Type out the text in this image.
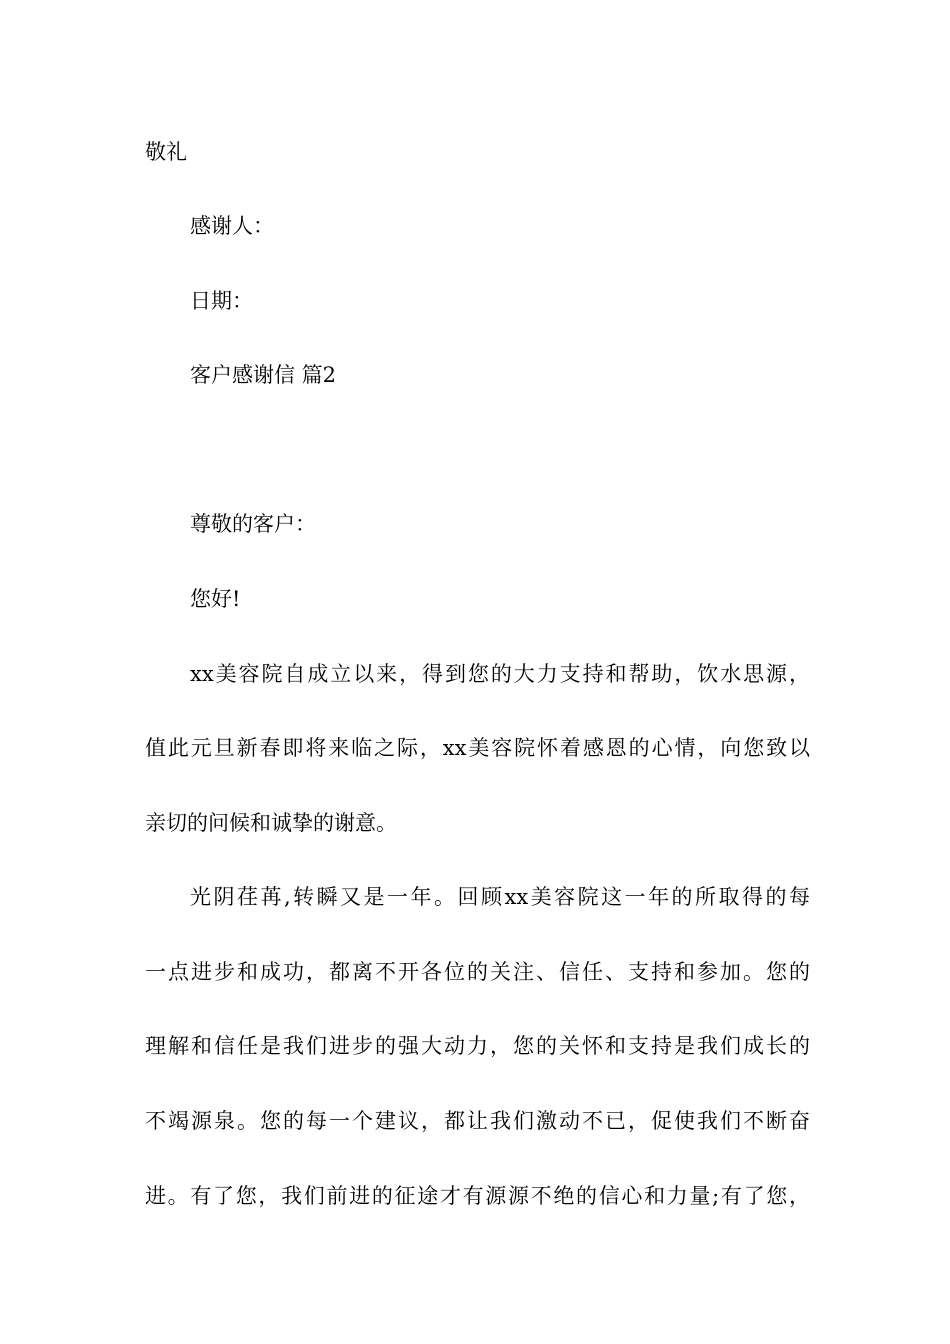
敬礼
感谢人：
日期：
客户感谢信 篇2
尊敬的客户：
您好!
xx美容院自成立以来，得到您的大力支持和帮助，饮水思源，
值此元旦新春即将来临之际，xx美容院怀着感恩的心情，向您致以
亲切的问候和诚挚的谢意。
光阴荏苒,转瞬又是一年。回顾xx美容院这一年的所取得的每
一点进步和成功，都离不开各位的关注、信任、支持和参加。您的
理解和信任是我们进步的强大动力，您的关怀和支持是我们成长的
不竭源泉。您的每一个建议，都让我们激动不已，促使我们不断奋
进。有了您，我们前进的征途才有源源不绝的信心和力量;有了您，
